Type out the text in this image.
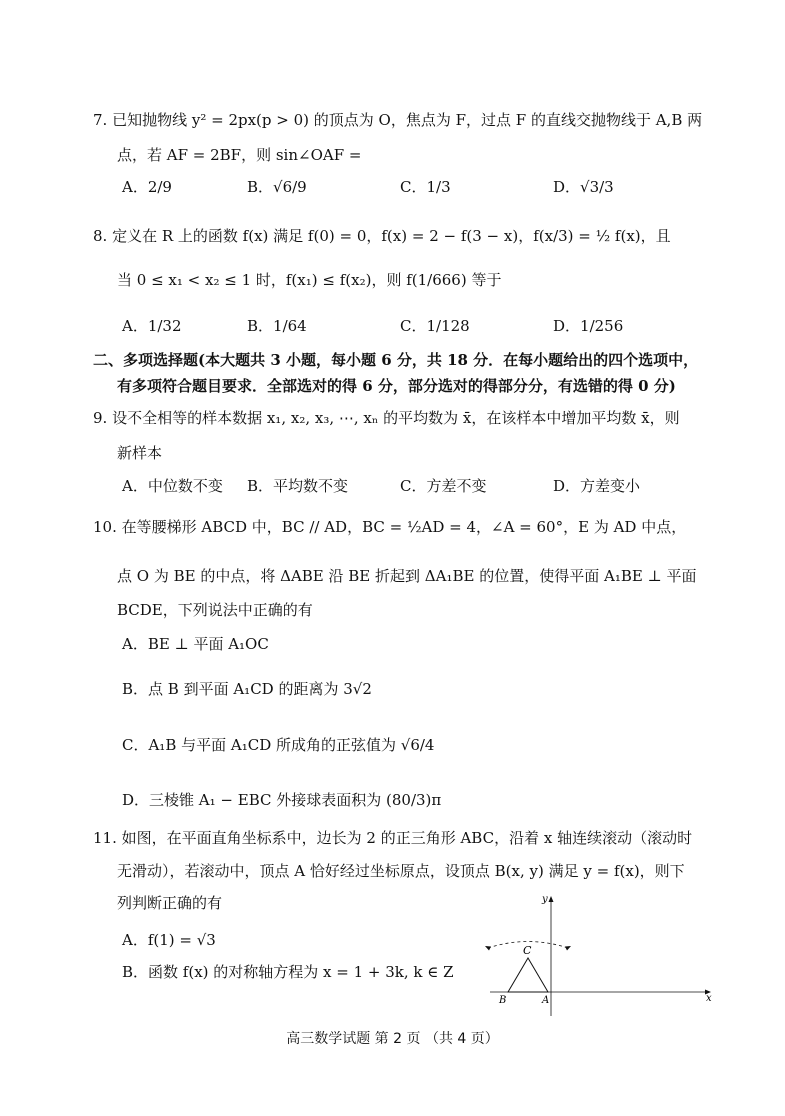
7. 已知抛物线 y² = 2px(p > 0) 的顶点为 O，焦点为 F，过点 F 的直线交抛物线于 A,B 两
点，若 AF = 2BF，则 sin∠OAF =
A．2/9	B．√6/9	C．1/3	D．√3/3
8. 定义在 R 上的函数 f(x) 满足 f(0) = 0，f(x) = 2 − f(3 − x)，f(x/3) = ½ f(x)，且
当 0 ≤ x₁ < x₂ ≤ 1 时，f(x₁) ≤ f(x₂)，则 f(1/666) 等于
A．1/32	B．1/64	C．1/128	D．1/256
二、多项选择题(本大题共 3 小题，每小题 6 分，共 18 分．在每小题给出的四个选项中，
有多项符合题目要求．全部选对的得 6 分，部分选对的得部分分，有选错的得 0 分)
9. 设不全相等的样本数据 x₁, x₂, x₃, ⋯, xₙ 的平均数为 x̄，在该样本中增加平均数 x̄，则
新样本
A．中位数不变 B．平均数不变	C．方差不变	D．方差变小
10. 在等腰梯形 ABCD 中，BC // AD，BC = ½AD = 4，∠A = 60°，E 为 AD 中点，
点 O 为 BE 的中点，将 ΔABE 沿 BE 折起到 ΔA₁BE 的位置，使得平面 A₁BE ⊥ 平面
BCDE，下列说法中正确的有
A．BE ⊥ 平面 A₁OC
B．点 B 到平面 A₁CD 的距离为 3√2
C．A₁B 与平面 A₁CD 所成角的正弦值为 √6/4
D．三棱锥 A₁ − EBC 外接球表面积为 (80/3)π
11. 如图，在平面直角坐标系中，边长为 2 的正三角形 ABC，沿着 x 轴连续滚动（滚动时
无滑动），若滚动中，顶点 A 恰好经过坐标原点，设顶点 B(x, y) 满足 y = f(x)，则下
列判断正确的有
A．f(1) = √3
B．函数 f(x) 的对称轴方程为 x = 1 + 3k, k ∈ Z
x
y
C
B	A
高三数学试题 第 2 页 （共 4 页）
